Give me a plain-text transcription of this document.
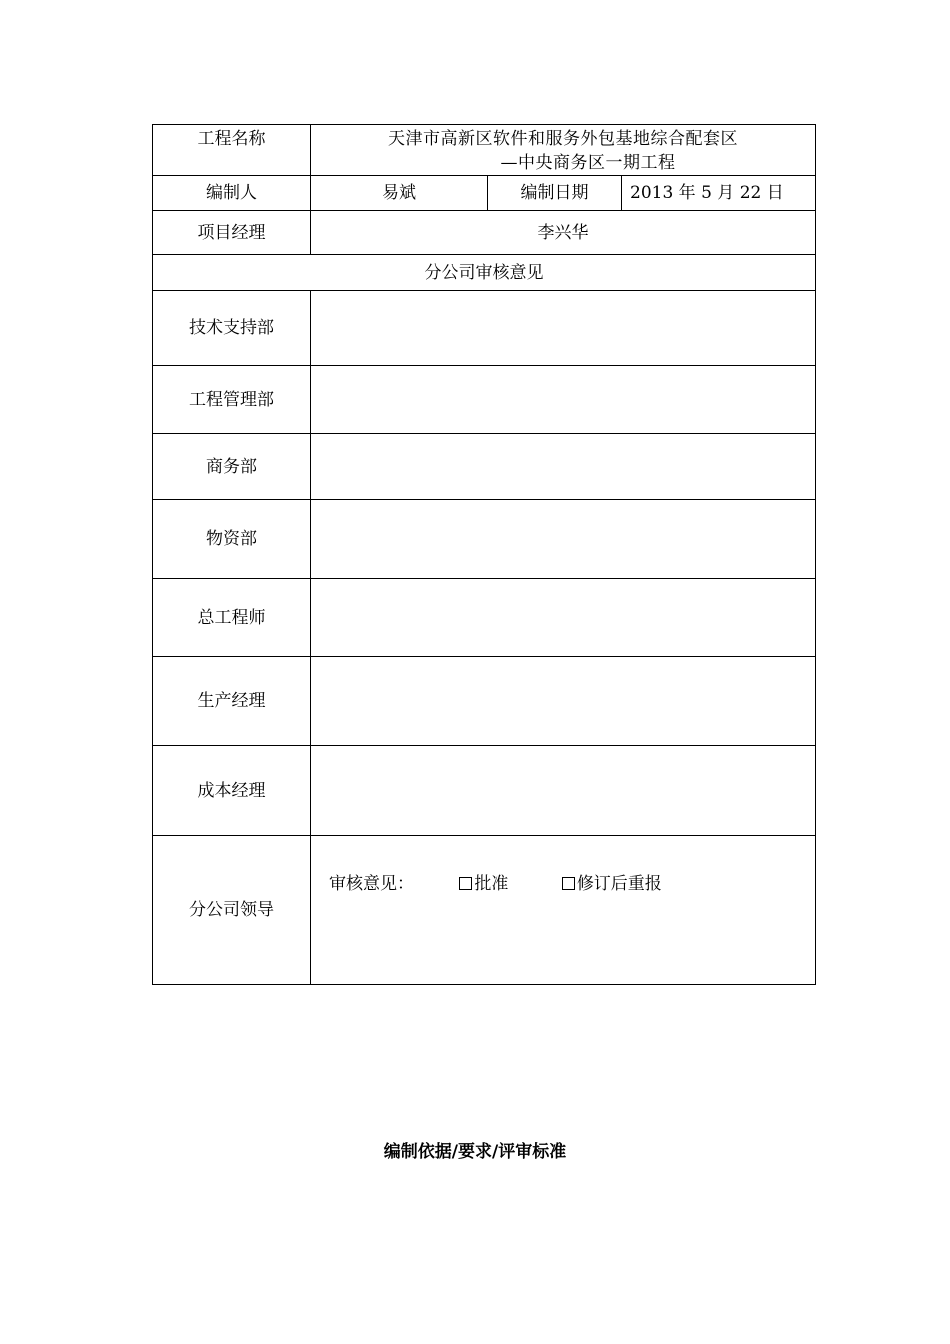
工程名称	天津市高新区软件和服务外包基地综合配套区
—中央商务区一期工程		

编制人	易斌	编制日期	2013 年 5 月 22 日
项目经理	李兴华		
分公司审核意见			
技术支持部			
工程管理部			
商务部			
物资部			
总工程师			
生产经理			
成本经理			
分公司领导	审核意见： 批准 修订后重报		
编制依据/要求/评审标准
